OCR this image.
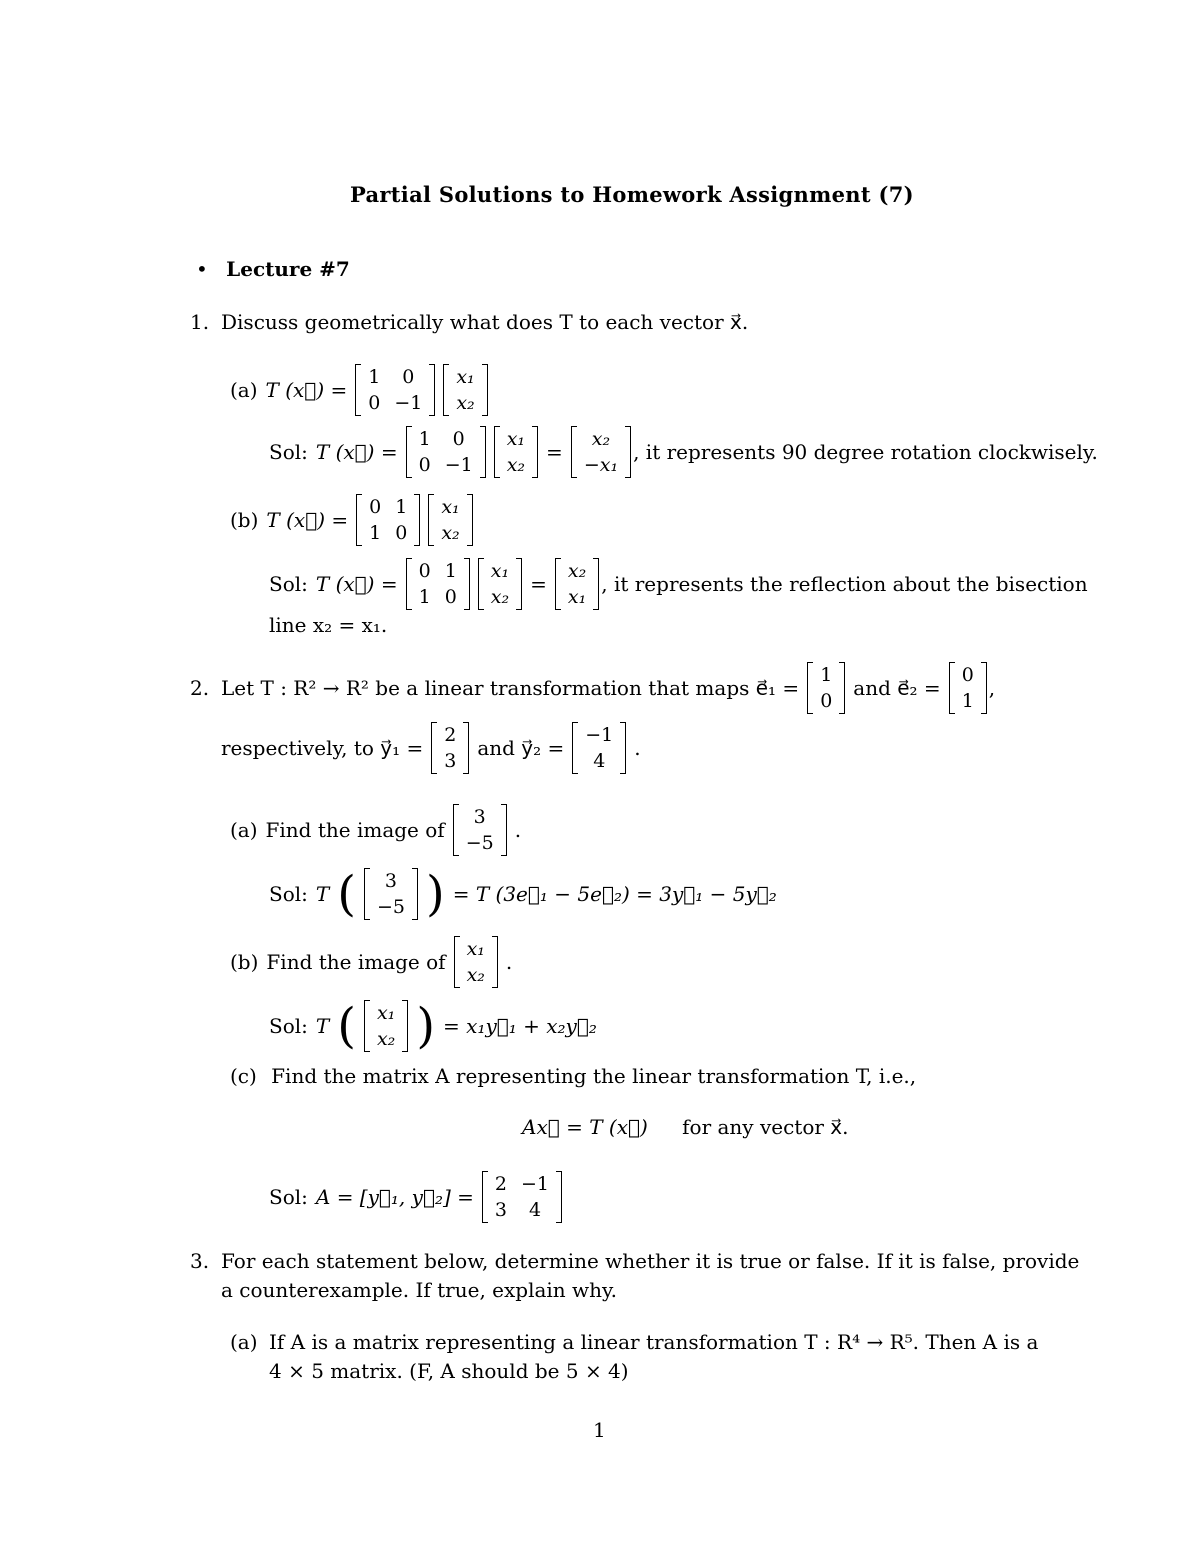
Partial Solutions to Homework Assignment (7)
• Lecture #7
1. Discuss geometrically what does T to each vector x⃗.
(a) T (x⃗) =
1	0
0	−1
x₁
x₂
Sol: T (x⃗) =
1	0
0	−1
x₁
x₂
=
x₂
−x₁
, it represents 90 degree rotation clockwisely.
(b) T (x⃗) =
0	1
1	0
x₁
x₂
Sol: T (x⃗) =
0	1
1	0
x₁
x₂
=
x₂
x₁
, it represents the reflection about the bisection
line x₂ = x₁.
2. Let T : R² → R² be a linear transformation that maps e⃗₁ =
1
0
and e⃗₂ =
0
1
,
respectively, to y⃗₁ =
2
3
and y⃗₂ =
−1
4
.
(a) Find the image of
3
−5
.
Sol: T ( 3
−5 ) = T (3e⃗₁ − 5e⃗₂) = 3y⃗₁ − 5y⃗₂
(b) Find the image of
x₁
x₂
.
Sol: T ( x₁
x₂ ) = x₁y⃗₁ + x₂y⃗₂
(c) Find the matrix A representing the linear transformation T, i.e.,
Ax⃗ = T (x⃗) for any vector x⃗.
Sol: A = [y⃗₁, y⃗₂] =
2	−1
3	4
3. For each statement below, determine whether it is true or false. If it is false, provide
a counterexample. If true, explain why.
(a) If A is a matrix representing a linear transformation T : R⁴ → R⁵. Then A is a
4 × 5 matrix. (F, A should be 5 × 4)
1
